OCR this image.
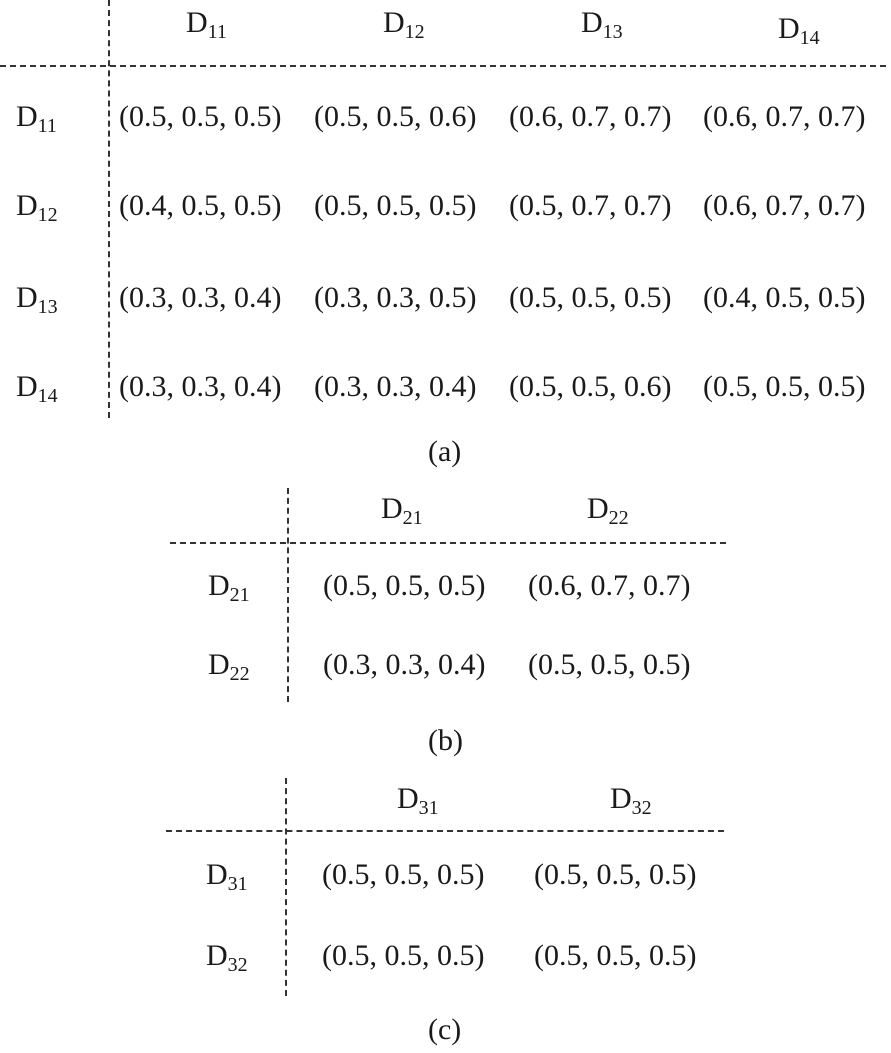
$D_{11}$	$D_{12}$	$D_{13}$	$D_{14}$
$D_{11}$ (0.5, 0.5, 0.5) (0.5, 0.5, 0.6) (0.6, 0.7, 0.7) (0.6, 0.7, 0.7)
$D_{12}$ (0.4, 0.5, 0.5) (0.5, 0.5, 0.5) (0.5, 0.7, 0.7) (0.6, 0.7, 0.7)
$D_{13}$ (0.3, 0.3, 0.4) (0.3, 0.3, 0.5) (0.5, 0.5, 0.5) (0.4, 0.5, 0.5)
$D_{14}$ (0.3, 0.3, 0.4) (0.3, 0.3, 0.4) (0.5, 0.5, 0.6) (0.5, 0.5, 0.5)
(a)
$D_{21}$	$D_{22}$
$D_{21}$ (0.5, 0.5, 0.5) (0.6, 0.7, 0.7)
$D_{22}$ (0.3, 0.3, 0.4) (0.5, 0.5, 0.5)
(b)
$D_{31}$	$D_{32}$
$D_{31}$ (0.5, 0.5, 0.5) (0.5, 0.5, 0.5)
$D_{32}$ (0.5, 0.5, 0.5) (0.5, 0.5, 0.5)
(c)
